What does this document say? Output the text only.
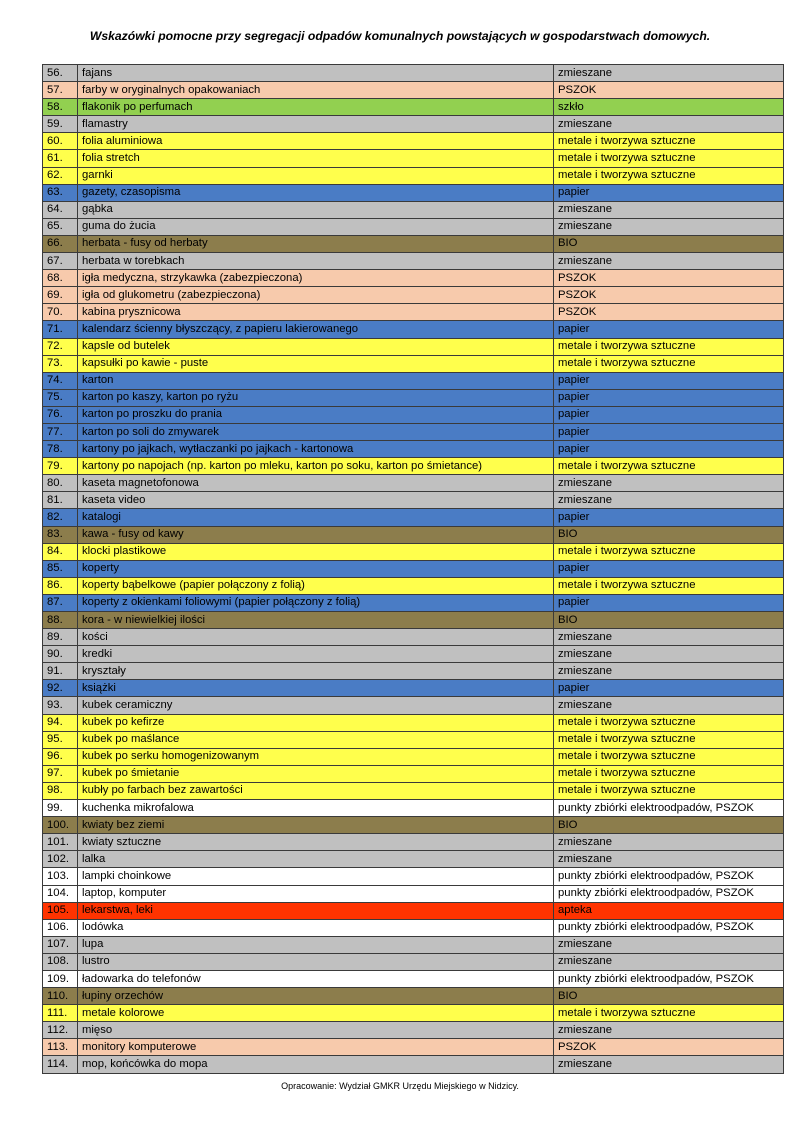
Wskazówki pomocne przy segregacji odpadów komunalnych powstających w gospodarstwach domowych.
56.	fajans	zmieszane
57.	farby w oryginalnych opakowaniach	PSZOK
58.	flakonik po perfumach	szkło
59.	flamastry	zmieszane
60.	folia aluminiowa	metale i tworzywa sztuczne
61.	folia stretch	metale i tworzywa sztuczne
62.	garnki	metale i tworzywa sztuczne
63.	gazety, czasopisma	papier
64.	gąbka	zmieszane
65.	guma do żucia	zmieszane
66.	herbata - fusy od herbaty	BIO
67.	herbata w torebkach	zmieszane
68.	igła medyczna, strzykawka (zabezpieczona)	PSZOK
69.	igła od glukometru (zabezpieczona)	PSZOK
70.	kabina prysznicowa	PSZOK
71.	kalendarz ścienny błyszczący, z papieru lakierowanego	papier
72.	kapsle od butelek	metale i tworzywa sztuczne
73.	kapsułki po kawie - puste	metale i tworzywa sztuczne
74.	karton	papier
75.	karton po kaszy, karton po ryżu	papier
76.	karton po proszku do prania	papier
77.	karton po soli do zmywarek	papier
78.	kartony po jajkach, wytłaczanki po jajkach - kartonowa	papier
79.	kartony po napojach (np. karton po mleku, karton po soku, karton po śmietance)	metale i tworzywa sztuczne
80.	kaseta magnetofonowa	zmieszane
81.	kaseta video	zmieszane
82.	katalogi	papier
83.	kawa - fusy od kawy	BIO
84.	klocki plastikowe	metale i tworzywa sztuczne
85.	koperty	papier
86.	koperty bąbelkowe (papier połączony z folią)	metale i tworzywa sztuczne
87.	koperty z okienkami foliowymi (papier połączony z folią)	papier
88.	kora - w niewielkiej ilości	BIO
89.	kości	zmieszane
90.	kredki	zmieszane
91.	kryształy	zmieszane
92.	książki	papier
93.	kubek ceramiczny	zmieszane
94.	kubek po kefirze	metale i tworzywa sztuczne
95.	kubek po maślance	metale i tworzywa sztuczne
96.	kubek po serku homogenizowanym	metale i tworzywa sztuczne
97.	kubek po śmietanie	metale i tworzywa sztuczne
98.	kubły po farbach bez zawartości	metale i tworzywa sztuczne
99.	kuchenka mikrofalowa	punkty zbiórki elektroodpadów, PSZOK
100.	kwiaty bez ziemi	BIO
101.	kwiaty sztuczne	zmieszane
102.	lalka	zmieszane
103.	lampki choinkowe	punkty zbiórki elektroodpadów, PSZOK
104.	laptop, komputer	punkty zbiórki elektroodpadów, PSZOK
105.	lekarstwa, leki	apteka
106.	lodówka	punkty zbiórki elektroodpadów, PSZOK
107.	lupa	zmieszane
108.	lustro	zmieszane
109.	ładowarka do telefonów	punkty zbiórki elektroodpadów, PSZOK
110.	łupiny orzechów	BIO
111.	metale kolorowe	metale i tworzywa sztuczne
112.	mięso	zmieszane
113.	monitory komputerowe	PSZOK
114.	mop, końcówka do mopa	zmieszane
Opracowanie: Wydział GMKR Urzędu Miejskiego w Nidzicy.
